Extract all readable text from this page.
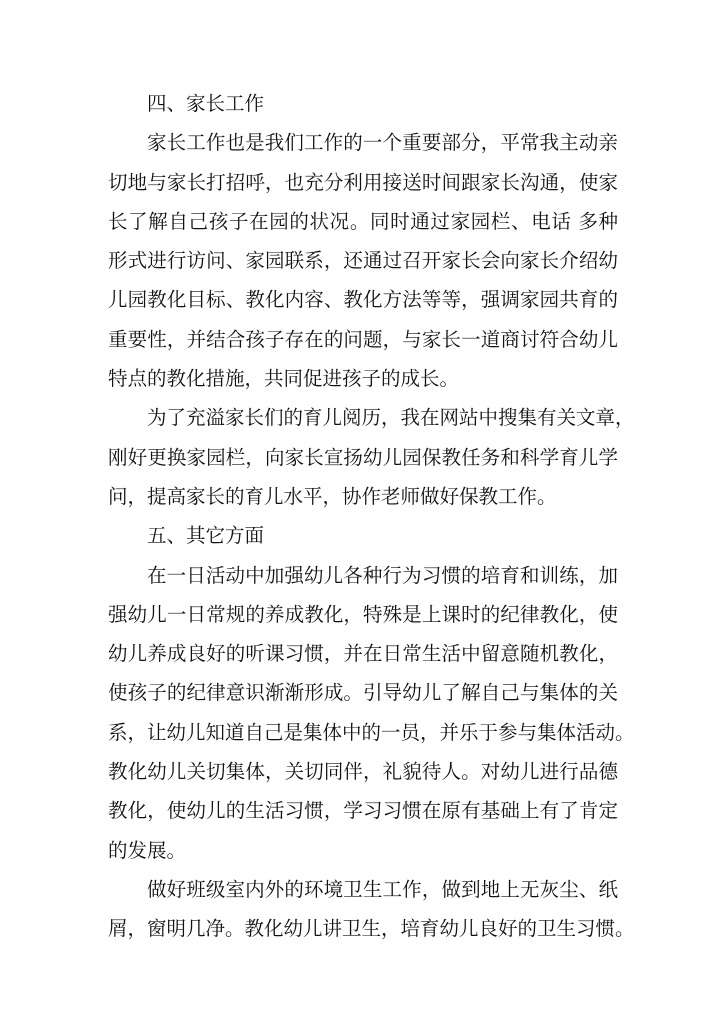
四、家长工作
家长工作也是我们工作的一个重要部分，平常我主动亲
切地与家长打招呼，也充分利用接送时间跟家长沟通，使家
长了解自己孩子在园的状况。同时通过家园栏、电话 多种
形式进行访问、家园联系，还通过召开家长会向家长介绍幼
儿园教化目标、教化内容、教化方法等等，强调家园共育的
重要性，并结合孩子存在的问题，与家长一道商讨符合幼儿
特点的教化措施，共同促进孩子的成长。
为了充溢家长们的育儿阅历，我在网站中搜集有关文章，
刚好更换家园栏，向家长宣扬幼儿园保教任务和科学育儿学
问，提高家长的育儿水平，协作老师做好保教工作。
五、其它方面
在一日活动中加强幼儿各种行为习惯的培育和训练，加
强幼儿一日常规的养成教化，特殊是上课时的纪律教化，使
幼儿养成良好的听课习惯，并在日常生活中留意随机教化，
使孩子的纪律意识渐渐形成。引导幼儿了解自己与集体的关
系，让幼儿知道自己是集体中的一员，并乐于参与集体活动。
教化幼儿关切集体，关切同伴，礼貌待人。对幼儿进行品德
教化，使幼儿的生活习惯，学习习惯在原有基础上有了肯定
的发展。
做好班级室内外的环境卫生工作，做到地上无灰尘、纸
屑，窗明几净。教化幼儿讲卫生，培育幼儿良好的卫生习惯。
